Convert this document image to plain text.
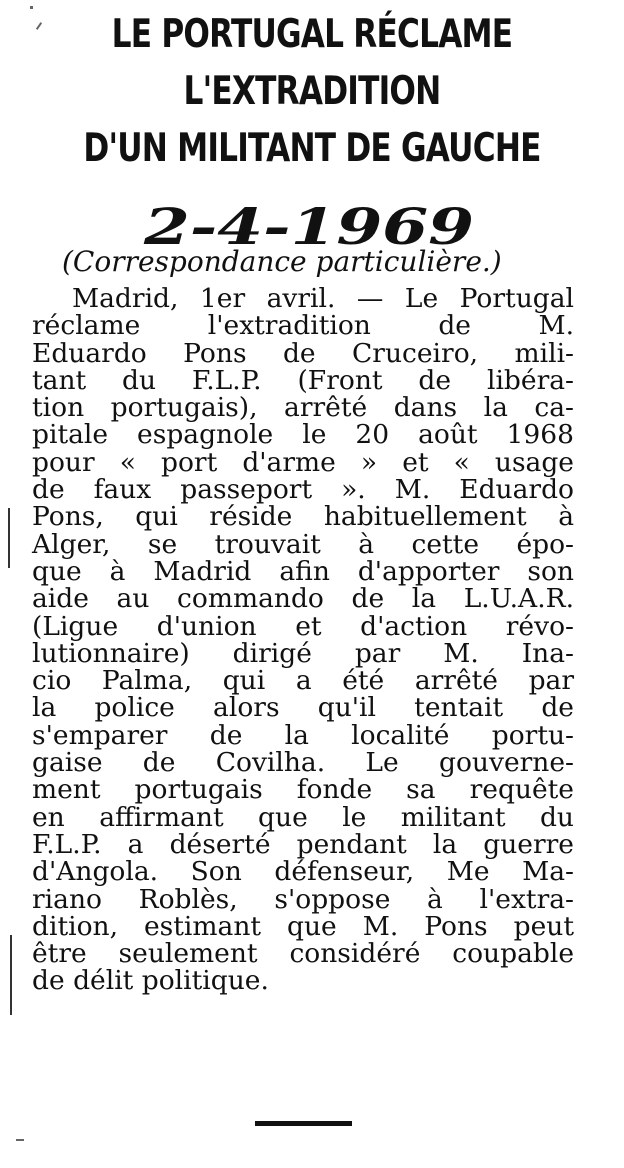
LE PORTUGAL RÉCLAME
L'EXTRADITION
D'UN MILITANT DE GAUCHE
2-4-1969
(Correspondance particulière.)
Madrid, 1er avril. — Le Portugal
réclame l'extradition de M.
Eduardo Pons de Cruceiro, mili-
tant du F.L.P. (Front de libéra-
tion portugais), arrêté dans la ca-
pitale espagnole le 20 août 1968
pour « port d'arme » et « usage
de faux passeport ». M. Eduardo
Pons, qui réside habituellement à
Alger, se trouvait à cette épo-
que à Madrid afin d'apporter son
aide au commando de la L.U.A.R.
(Ligue d'union et d'action révo-
lutionnaire) dirigé par M. Ina-
cio Palma, qui a été arrêté par
la police alors qu'il tentait de
s'emparer de la localité portu-
gaise de Covilha. Le gouverne-
ment portugais fonde sa requête
en affirmant que le militant du
F.L.P. a déserté pendant la guerre
d'Angola. Son défenseur, Me Ma-
riano Roblès, s'oppose à l'extra-
dition, estimant que M. Pons peut
être seulement considéré coupable
de délit politique.
